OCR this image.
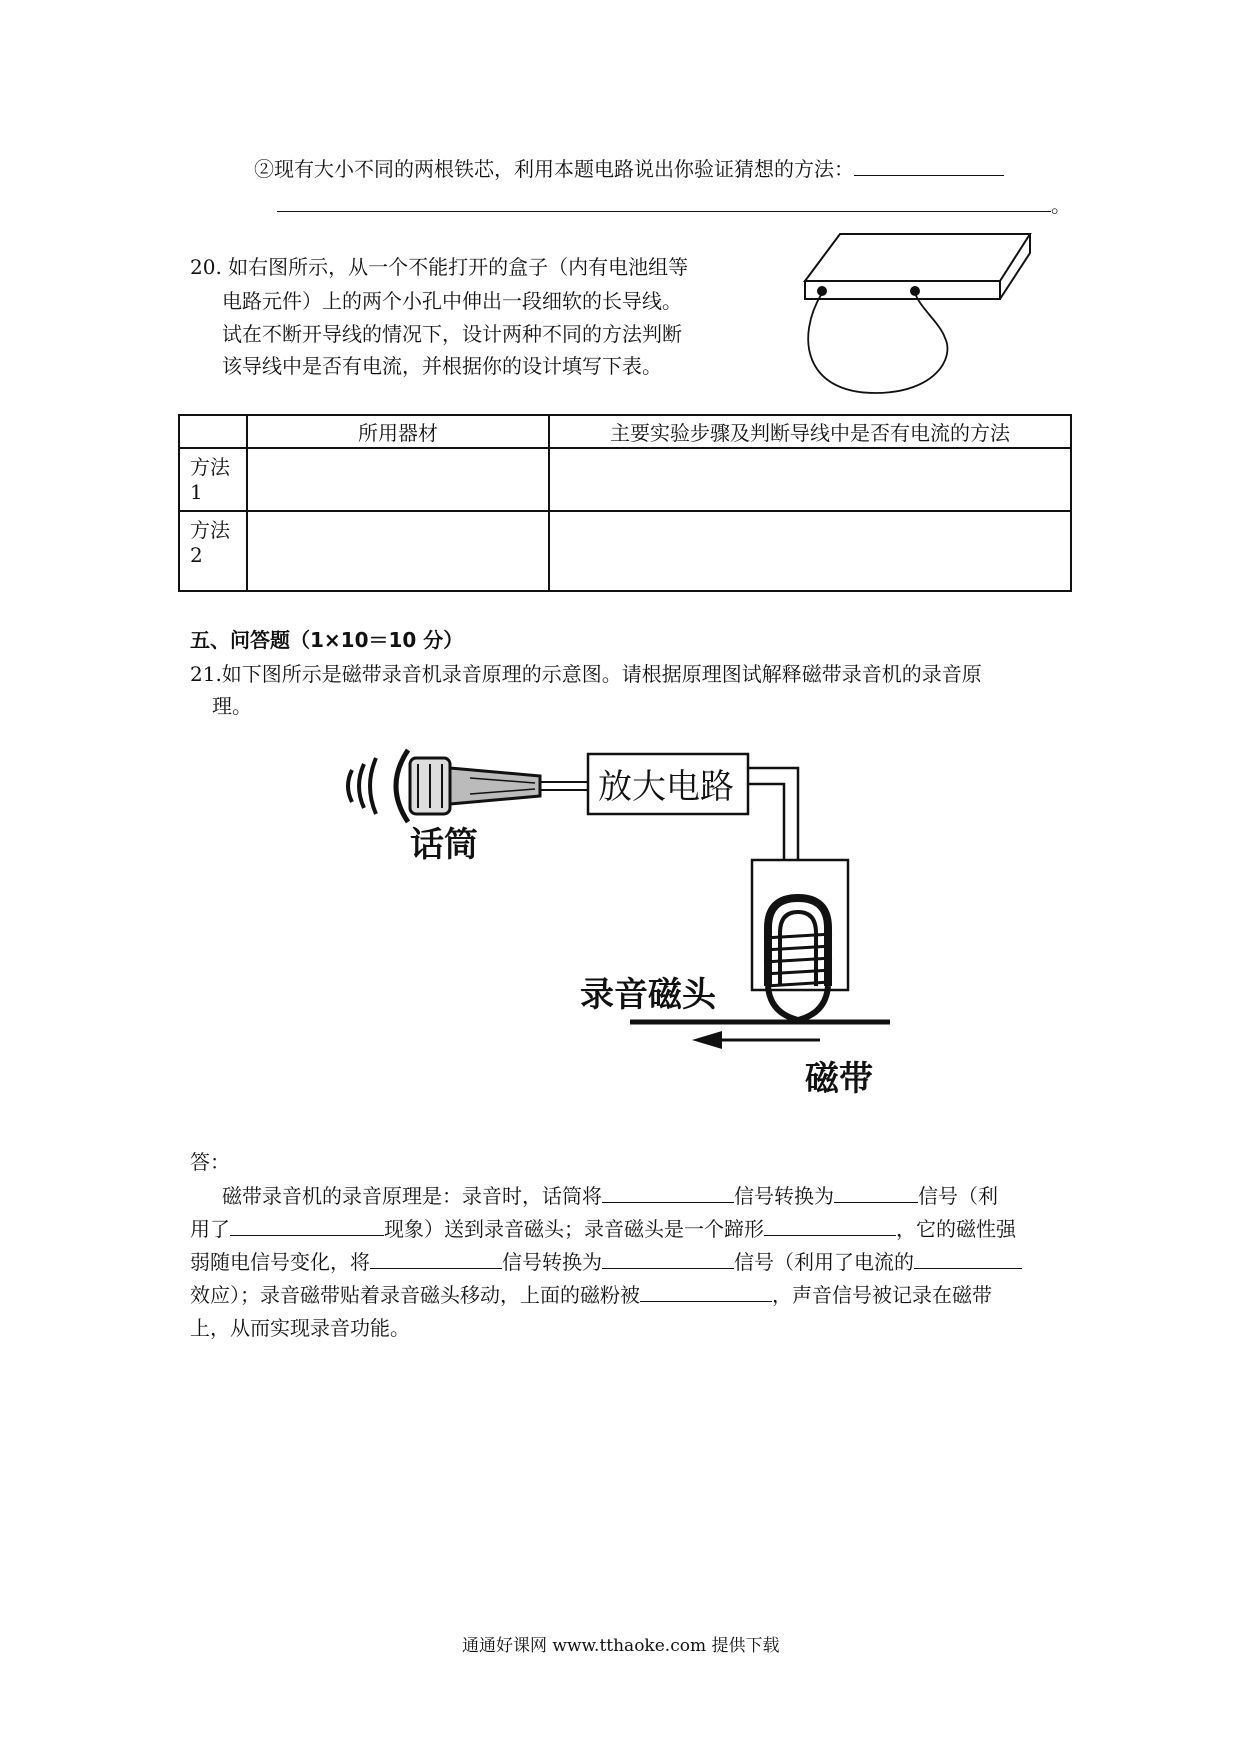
②现有大小不同的两根铁芯，利用本题电路说出你验证猜想的方法：
。
20. 如右图所示，从一个不能打开的盒子（内有电池组等
电路元件）上的两个小孔中伸出一段细软的长导线。
试在不断开导线的情况下，设计两种不同的方法判断
该导线中是否有电流，并根据你的设计填写下表。
	所用器材	主要实验步骤及判断导线中是否有电流的方法
方法 1		
方法 2		
五、问答题（1×10＝10 分）
21.如下图所示是磁带录音机录音原理的示意图。请根据原理图试解释磁带录音机的录音原
理。
话筒
放大电路
录音磁头
磁带
答：
磁带录音机的录音原理是：录音时，话筒将	信号转换为	信号（利
用了	现象）送到录音磁头；录音磁头是一个蹄形	，它的磁性强
弱随电信号变化，将	信号转换为	信号（利用了电流的
效应）；录音磁带贴着录音磁头移动，上面的磁粉被	，声音信号被记录在磁带
上，从而实现录音功能。
通通好课网 www.tthaoke.com 提供下载
